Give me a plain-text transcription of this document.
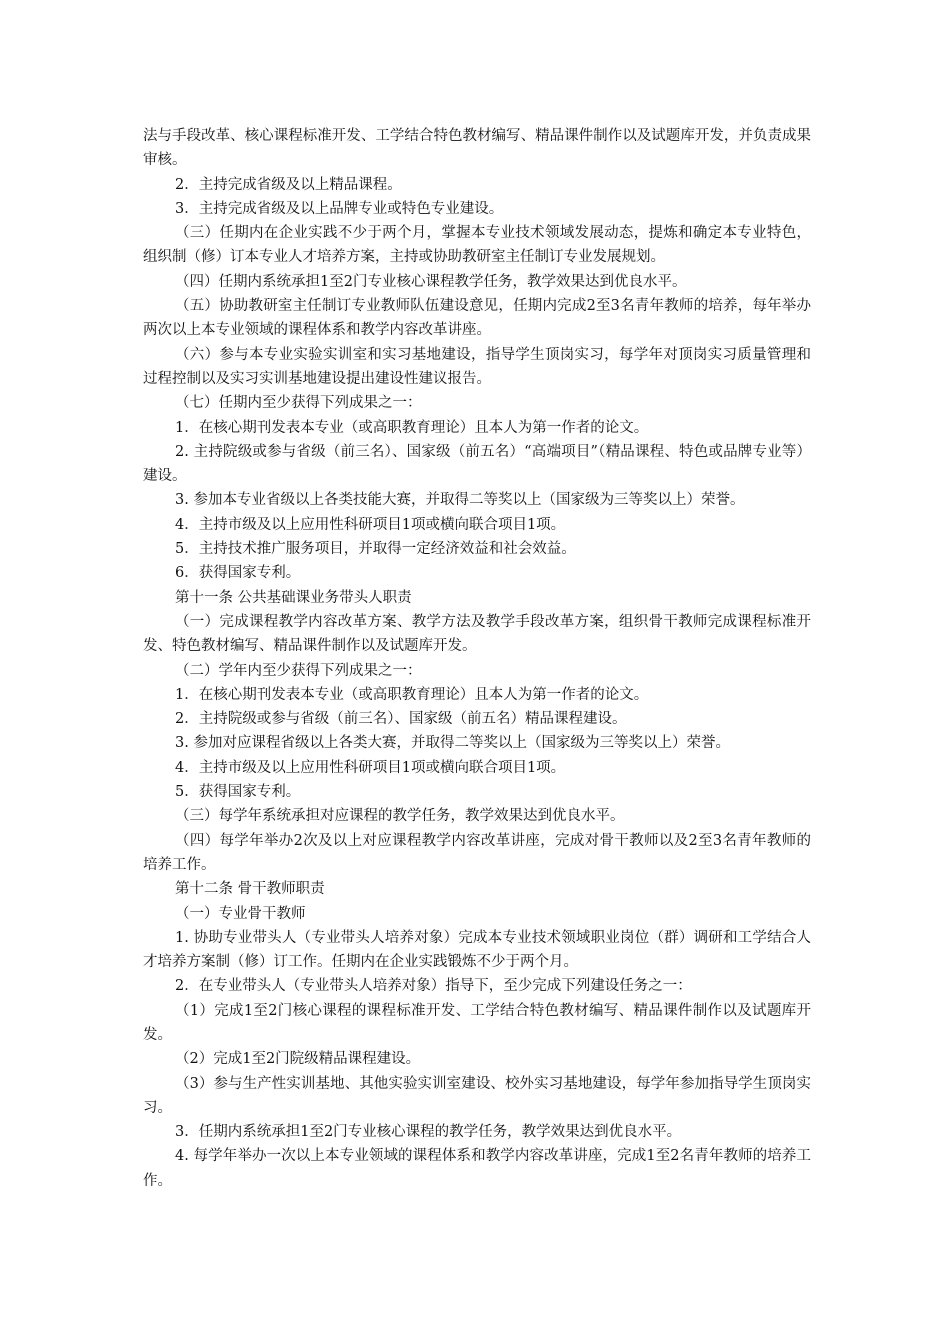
法与手段改革、核心课程标准开发、工学结合特色教材编写、精品课件制作以及试题库开发，并负责成果审核。

2．主持完成省级及以上精品课程。

3．主持完成省级及以上品牌专业或特色专业建设。

（三）任期内在企业实践不少于两个月，掌握本专业技术领域发展动态，提炼和确定本专业特色，组织制（修）订本专业人才培养方案，主持或协助教研室主任制订专业发展规划。

（四）任期内系统承担1至2门专业核心课程教学任务，教学效果达到优良水平。

（五）协助教研室主任制订专业教师队伍建设意见，任期内完成2至3名青年教师的培养，每年举办两次以上本专业领域的课程体系和教学内容改革讲座。

（六）参与本专业实验实训室和实习基地建设，指导学生顶岗实习，每学年对顶岗实习质量管理和过程控制以及实习实训基地建设提出建设性建议报告。

（七）任期内至少获得下列成果之一：

1．在核心期刊发表本专业（或高职教育理论）且本人为第一作者的论文。

2. 主持院级或参与省级（前三名）、国家级（前五名）“高端项目”（精品课程、特色或品牌专业等）建设。

3. 参加本专业省级以上各类技能大赛，并取得二等奖以上（国家级为三等奖以上）荣誉。

4．主持市级及以上应用性科研项目1项或横向联合项目1项。

5．主持技术推广服务项目，并取得一定经济效益和社会效益。

6．获得国家专利。

第十一条 公共基础课业务带头人职责

（一）完成课程教学内容改革方案、教学方法及教学手段改革方案，组织骨干教师完成课程标准开发、特色教材编写、精品课件制作以及试题库开发。

（二）学年内至少获得下列成果之一：

1．在核心期刊发表本专业（或高职教育理论）且本人为第一作者的论文。

2．主持院级或参与省级（前三名）、国家级（前五名）精品课程建设。

3. 参加对应课程省级以上各类大赛，并取得二等奖以上（国家级为三等奖以上）荣誉。

4．主持市级及以上应用性科研项目1项或横向联合项目1项。

5．获得国家专利。

（三）每学年系统承担对应课程的教学任务，教学效果达到优良水平。

（四）每学年举办2次及以上对应课程教学内容改革讲座，完成对骨干教师以及2至3名青年教师的培养工作。

第十二条 骨干教师职责

（一）专业骨干教师

1. 协助专业带头人（专业带头人培养对象）完成本专业技术领域职业岗位（群）调研和工学结合人才培养方案制（修）订工作。任期内在企业实践锻炼不少于两个月。

2．在专业带头人（专业带头人培养对象）指导下，至少完成下列建设任务之一：

（1）完成1至2门核心课程的课程标准开发、工学结合特色教材编写、精品课件制作以及试题库开发。

（2）完成1至2门院级精品课程建设。

（3）参与生产性实训基地、其他实验实训室建设、校外实习基地建设，每学年参加指导学生顶岗实习。

3．任期内系统承担1至2门专业核心课程的教学任务，教学效果达到优良水平。

4. 每学年举办一次以上本专业领域的课程体系和教学内容改革讲座，完成1至2名青年教师的培养工作。
